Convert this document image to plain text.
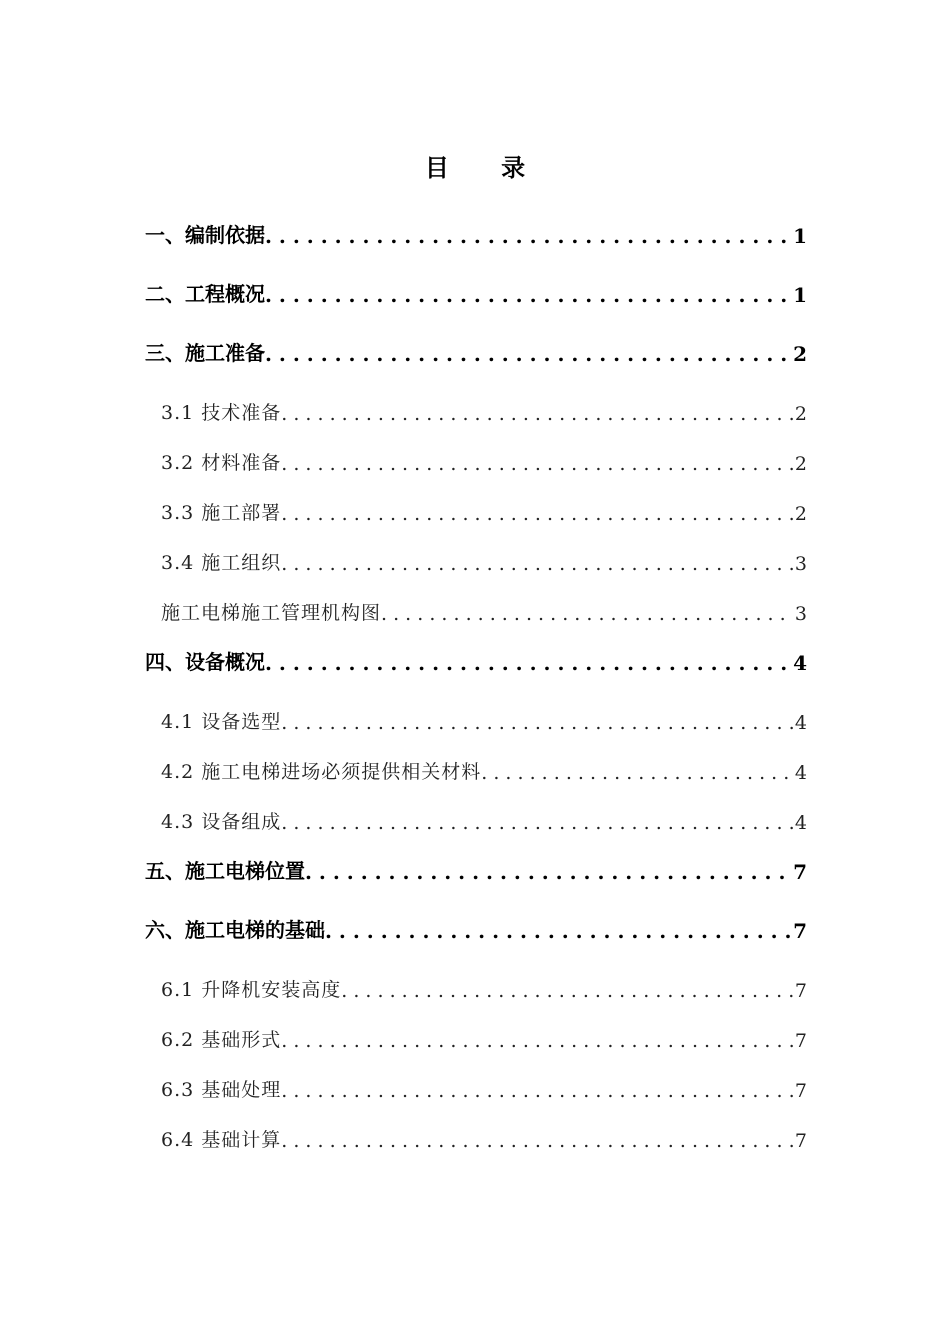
目 录
一、编制依据 . . .	1
二、工程概况 . . .	1
三、施工准备 . . .	2
3.1 技术准备 . . .	2
3.2 材料准备 . . .	2
3.3 施工部署 . . .	2
3.4 施工组织 . . .	3
施工电梯施工管理机构图 . . .	3
四、设备概况 . . .	4
4.1 设备选型 . . .	4
4.2 施工电梯进场必须提供相关材料 . . .	4
4.3 设备组成 . . .	4
五、施工电梯位置 . . .	7
六、施工电梯的基础 . . .	7
6.1 升降机安装高度 . . .	7
6.2 基础形式 . . .	7
6.3 基础处理 . . .	7
6.4 基础计算 . . .	7
